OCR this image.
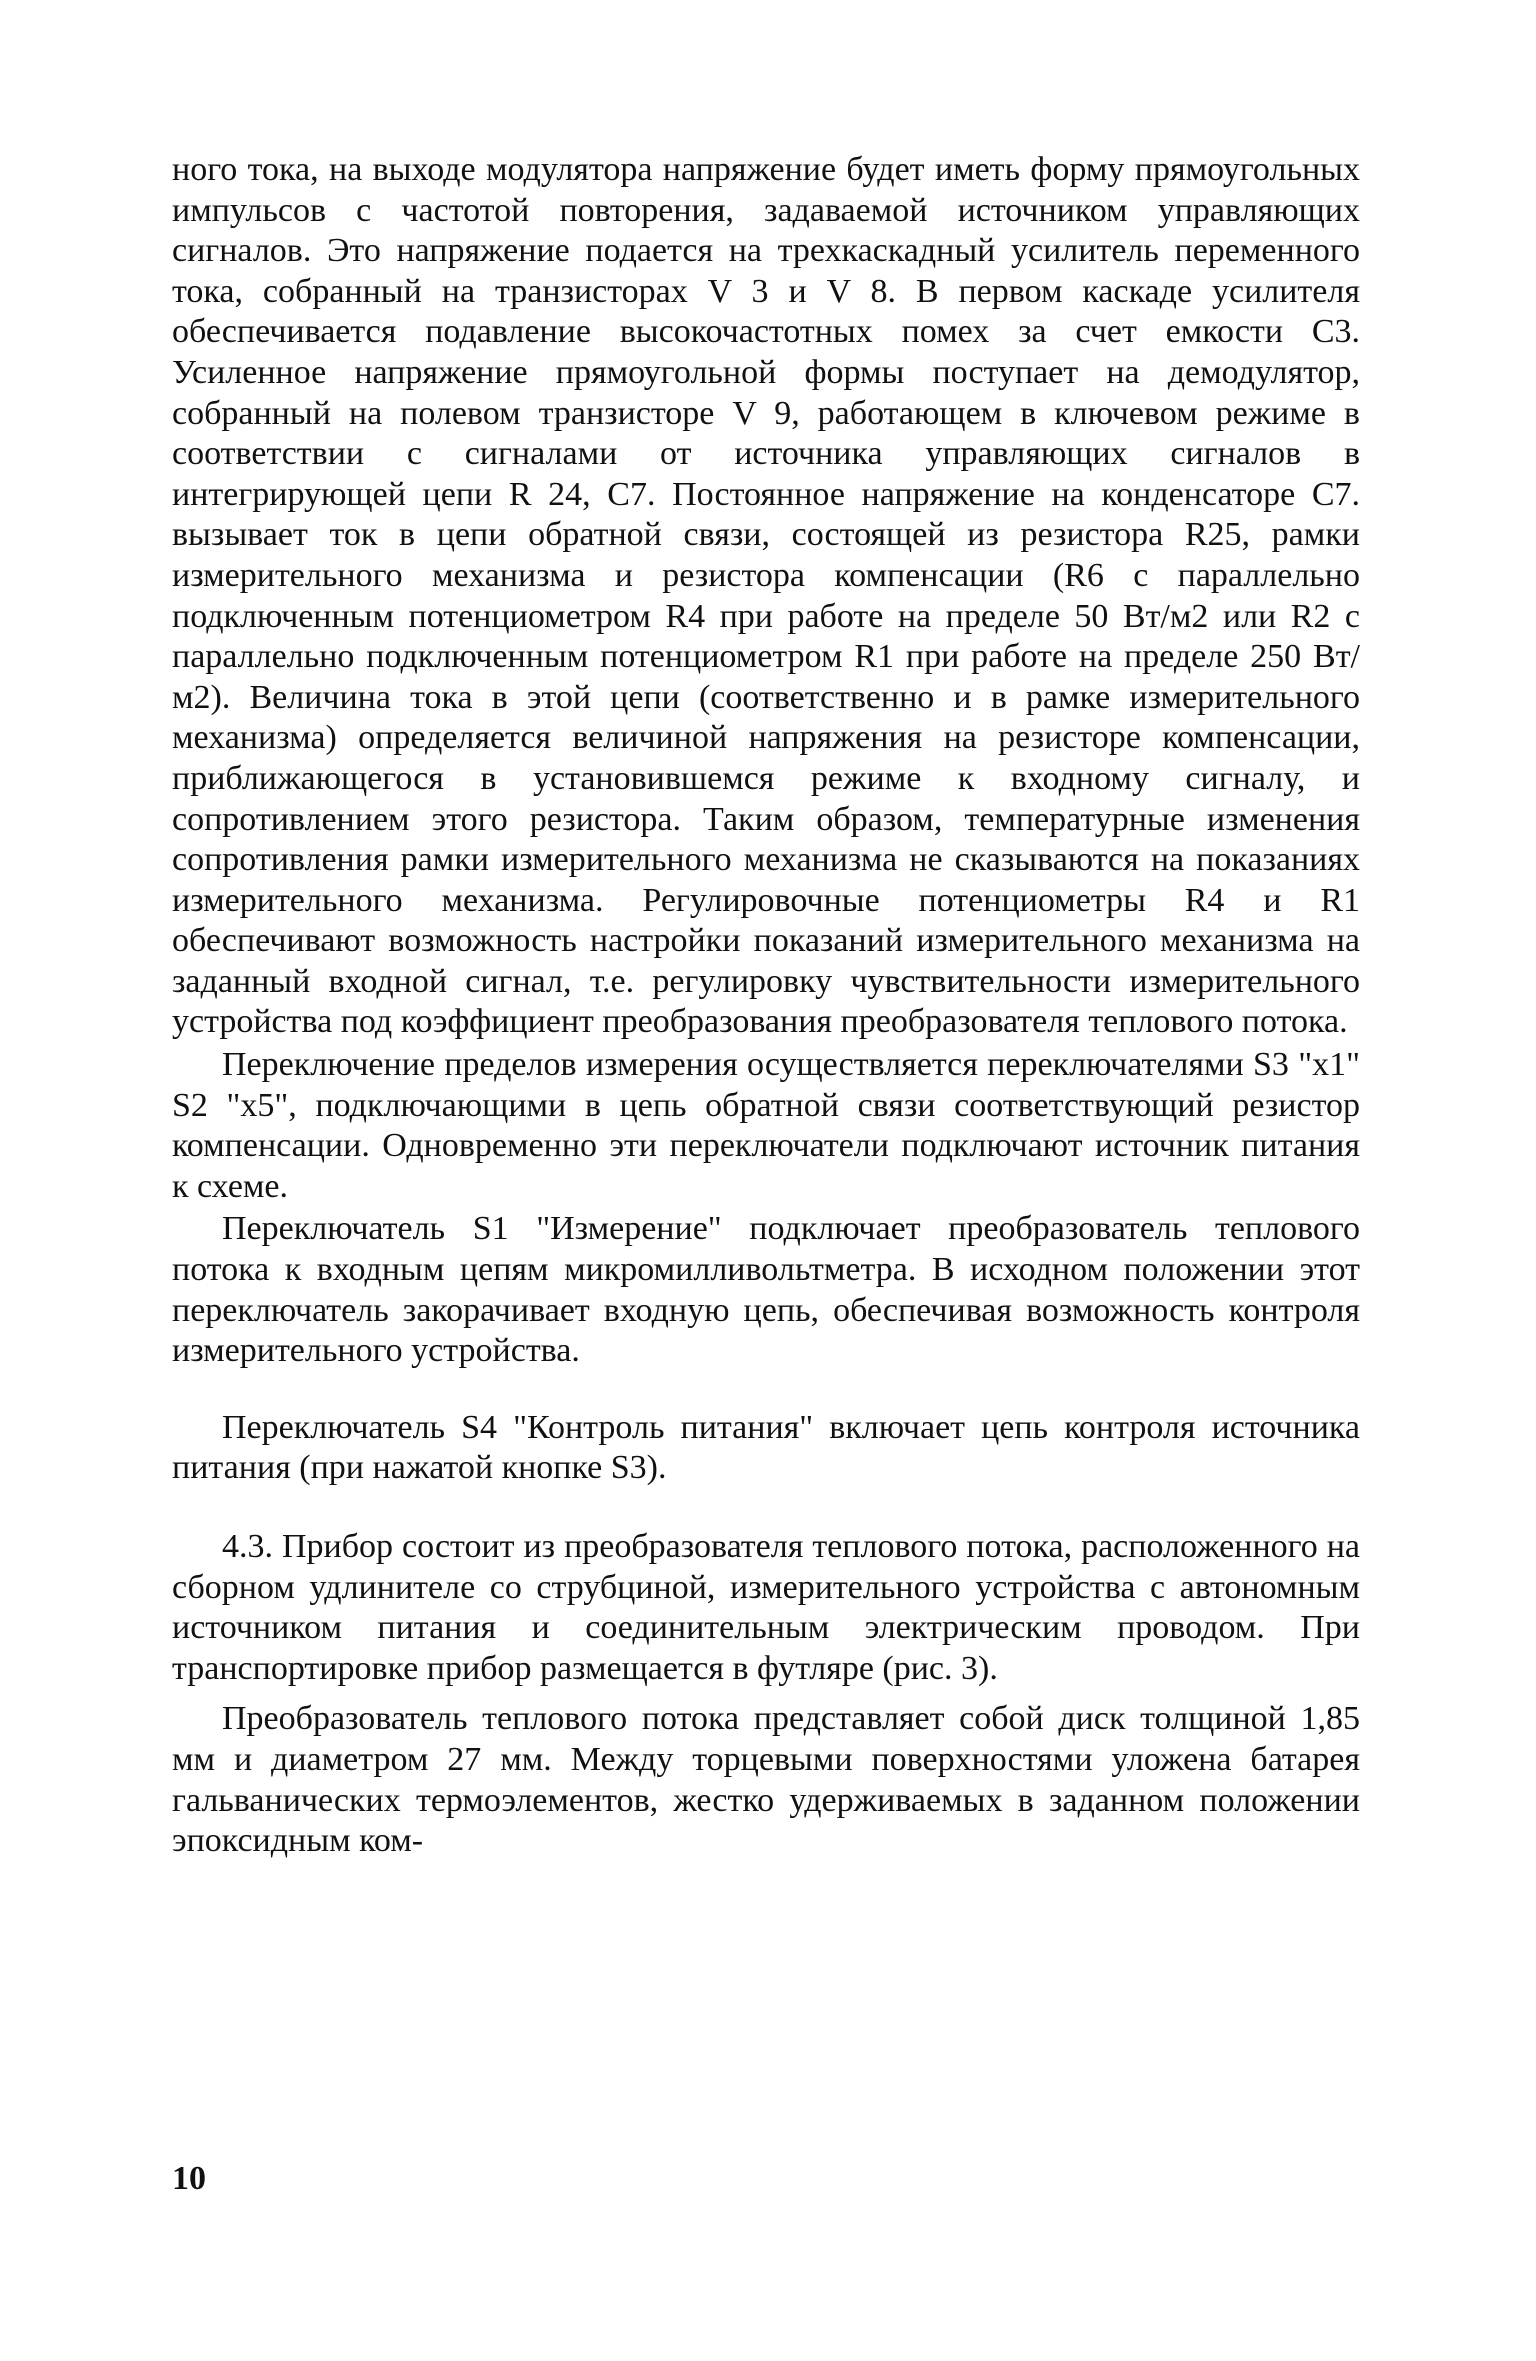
ного тока, на выходе модулятора напряжение будет иметь форму прямоугольных импульсов с частотой повторения, задаваемой источником управляющих сигналов. Это напряжение подается на трехкаскадный усилитель переменного тока, собранный на транзисторах V 3 и V 8. В первом каскаде усилителя обеспечивается подавление высокочастотных помех за счет емкости C3. Усиленное напряжение прямоугольной формы поступает на демодулятор, собранный на полевом транзисторе V 9, работающем в ключевом режиме в соответствии с сигналами от источника управляющих сигналов в интегрирующей цепи R 24, C7. Постоянное напряжение на конденсаторе C7. вызывает ток в цепи обратной связи, состоящей из резистора R25, рамки измерительного механизма и резистора компенсации (R6 с параллельно подключенным потенциометром R4 при работе на пределе 50 Вт/м2 или R2 с параллельно подключенным потенциометром R1 при работе на пределе 250 Вт/м2). Величина тока в этой цепи (соответственно и в рамке измерительного механизма) определяется величиной напряжения на резисторе компенсации, приближающегося в установившемся режиме к входному сигналу, и сопротивлением этого резистора. Таким образом, температурные изменения сопротивления рамки измерительного механизма не сказываются на показаниях измерительного механизма. Регулировочные потенциометры R4 и R1 обеспечивают возможность настройки показаний измерительного механизма на заданный входной сигнал, т.е. регулировку чувствительности измерительного устройства под коэффициент преобразования преобразователя теплового потока.

Переключение пределов измерения осуществляется переключателями S3 "x1" S2 "x5", подключающими в цепь обратной связи соответствующий резистор компенсации. Одновременно эти переключатели подключают источник питания к схеме.

Переключатель S1 "Измерение" подключает преобразователь теплового потока к входным цепям микромилливольтметра. В исходном положении этот переключатель закорачивает входную цепь, обеспечивая возможность контроля измерительного устройства.

Переключатель S4 "Контроль питания" включает цепь контроля источника питания (при нажатой кнопке S3).

4.3. Прибор состоит из преобразователя теплового потока, расположенного на сборном удлинителе со струбциной, измерительного устройства с автономным источником питания и соединительным электрическим проводом. При транспортировке прибор размещается в футляре (рис. 3).

Преобразователь теплового потока представляет собой диск толщиной 1,85 мм и диаметром 27 мм. Между торцевыми поверхностями уложена батарея гальванических термоэлементов, жестко удерживаемых в заданном положении эпоксидным ком-

10
